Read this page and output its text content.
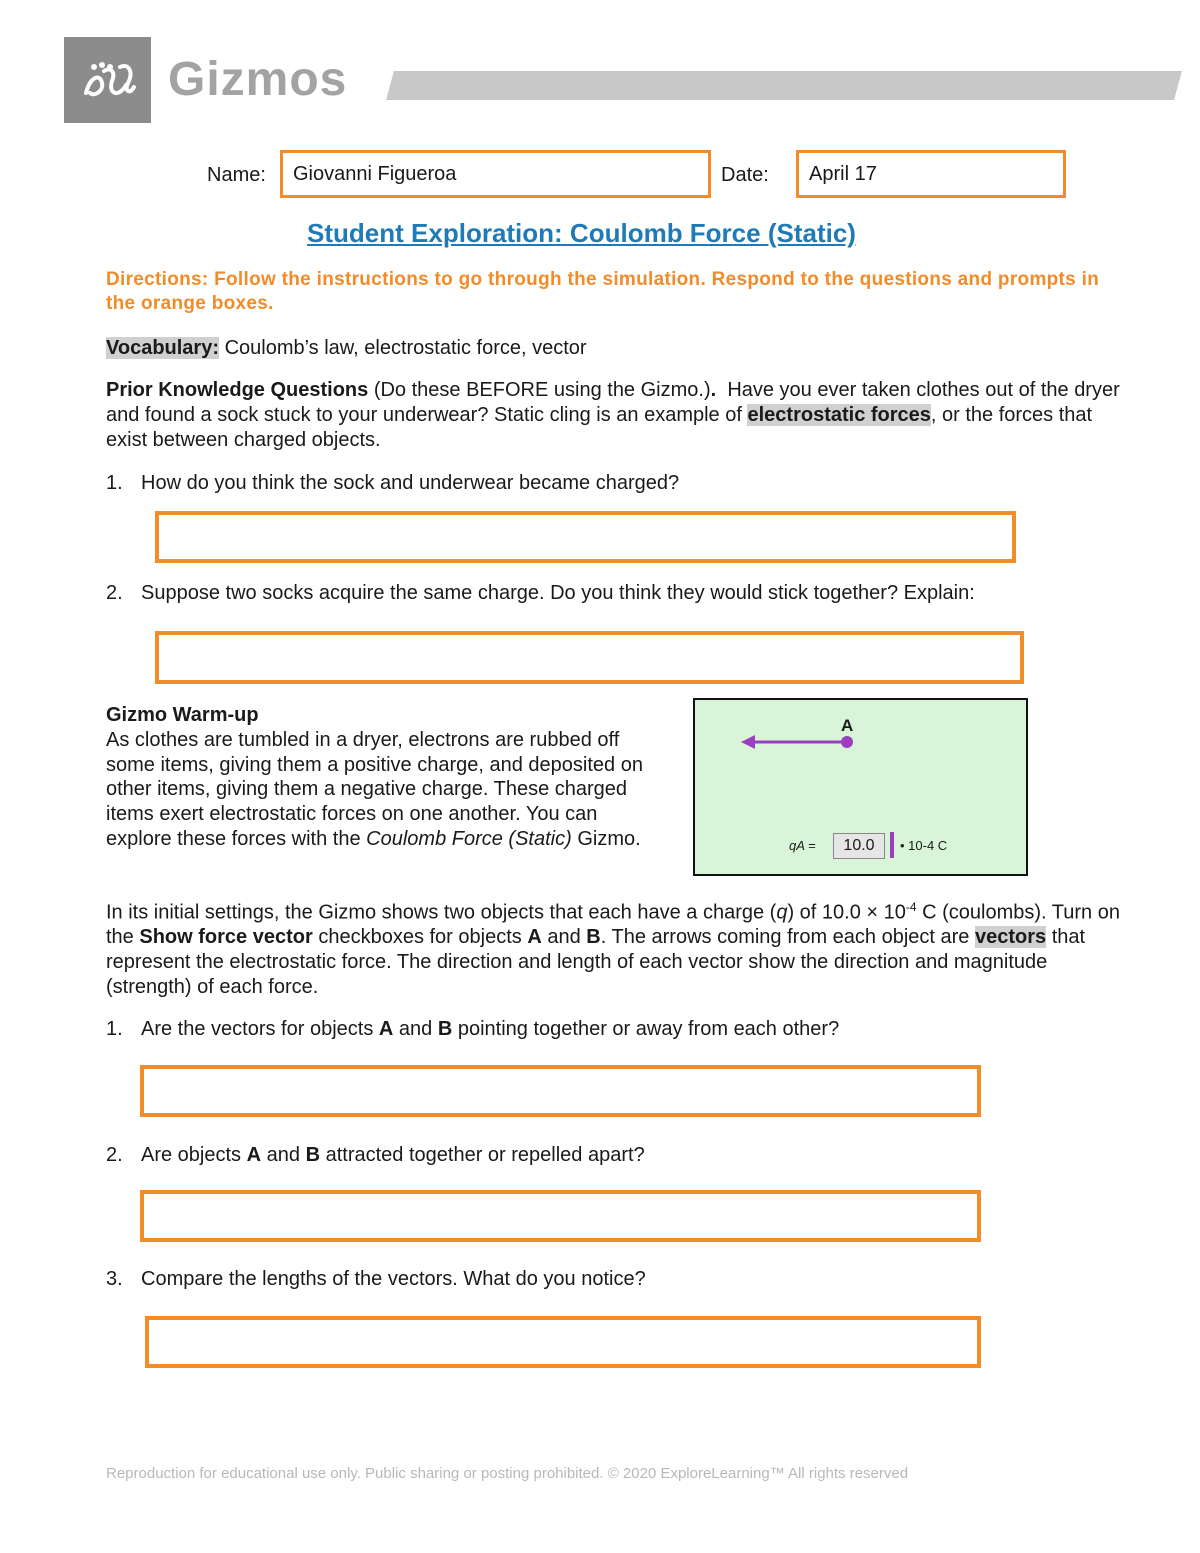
Gizmos
Name:	Giovanni Figueroa	Date:	April 17
Student Exploration: Coulomb Force (Static)
Directions: Follow the instructions to go through the simulation. Respond to the questions and prompts in the orange boxes.
Vocabulary: Coulomb’s law, electrostatic force, vector
Prior Knowledge Questions (Do these BEFORE using the Gizmo.). Have you ever taken clothes out of the dryer and found a sock stuck to your underwear? Static cling is an example of electrostatic forces, or the forces that exist between charged objects.
1. How do you think the sock and underwear became charged?
2. Suppose two socks acquire the same charge. Do you think they would stick together? Explain:
Gizmo Warm-up
As clothes are tumbled in a dryer, electrons are rubbed off some items, giving them a positive charge, and deposited on other items, giving them a negative charge. These charged items exert electrostatic forces on one another. You can explore these forces with the Coulomb Force (Static) Gizmo.
A
qA =	10.0	• 10-4 C
In its initial settings, the Gizmo shows two objects that each have a charge (q) of $10.0 \times 10^{-4}$ C (coulombs). Turn on the Show force vector checkboxes for objects A and B. The arrows coming from each object are vectors that represent the electrostatic force. The direction and length of each vector show the direction and magnitude (strength) of each force.
1. Are the vectors for objects A and B pointing together or away from each other?
2. Are objects A and B attracted together or repelled apart?
3. Compare the lengths of the vectors. What do you notice?
Reproduction for educational use only. Public sharing or posting prohibited. © 2020 ExploreLearning™ All rights reserved
